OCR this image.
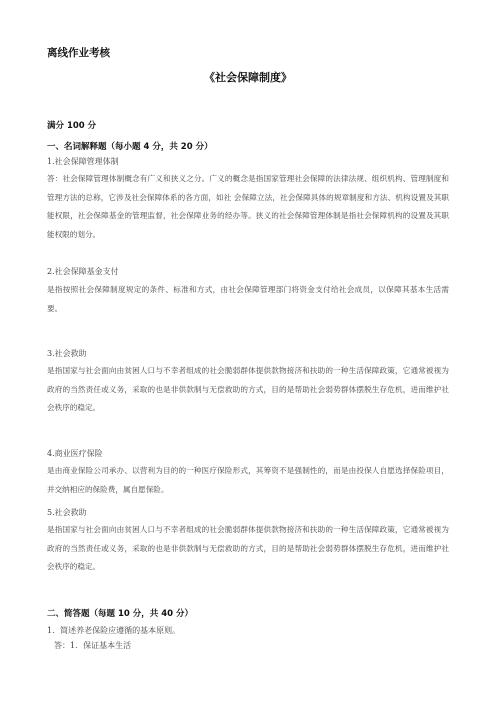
离线作业考核
《社会保障制度》
满分 100 分
一、名词解释题（每小题 4 分，共 20 分）
1.社会保障管理体制
答：社会保障管理体制概念有广义和狭义之分。广义的概念是指国家管理社会保障的法律法规、组织机构、管理制度和管理方法的总称，它涉及社会保障体系的各方面，如社 会保障立法，社会保障具体的规章制度和方法、机构设置及其职能权限，社会保障基金的管理监督，社会保障业务的经办等。狭义的社会保障管理体制是指社会保障机构的设置及其职能权限的划分。
2.社会保障基金支付
是指按照社会保障制度规定的条件、标准和方式，由社会保障管理部门将资金支付给社会成员，以保障其基本生活需要。
3.社会救助
是指国家与社会面向由贫困人口与不幸者组成的社会脆弱群体提供款物接济和扶助的一种生活保障政策，它通常被视为政府的当然责任或义务，采取的也是非供款制与无偿救助的方式，目的是帮助社会弱势群体摆脱生存危机，进而维护社会秩序的稳定。
4.商业医疗保险
是由商业保险公司承办、以营利为目的的一种医疗保险形式，其筹资不是强制性的，而是由投保人自愿选择保险项目，并交纳相应的保险费，属自愿保险。
5.社会救助
是指国家与社会面向由贫困人口与不幸者组成的社会脆弱群体提供款物接济和扶助的一种生活保障政策，它通常被视为政府的当然责任或义务，采取的也是非供款制与无偿救助的方式，目的是帮助社会弱势群体摆脱生存危机，进而维护社会秩序的稳定。
二、简答题（每题 10 分，共 40 分）
1．简述养老保险应遵循的基本原则。
答：1．保证基本生活
